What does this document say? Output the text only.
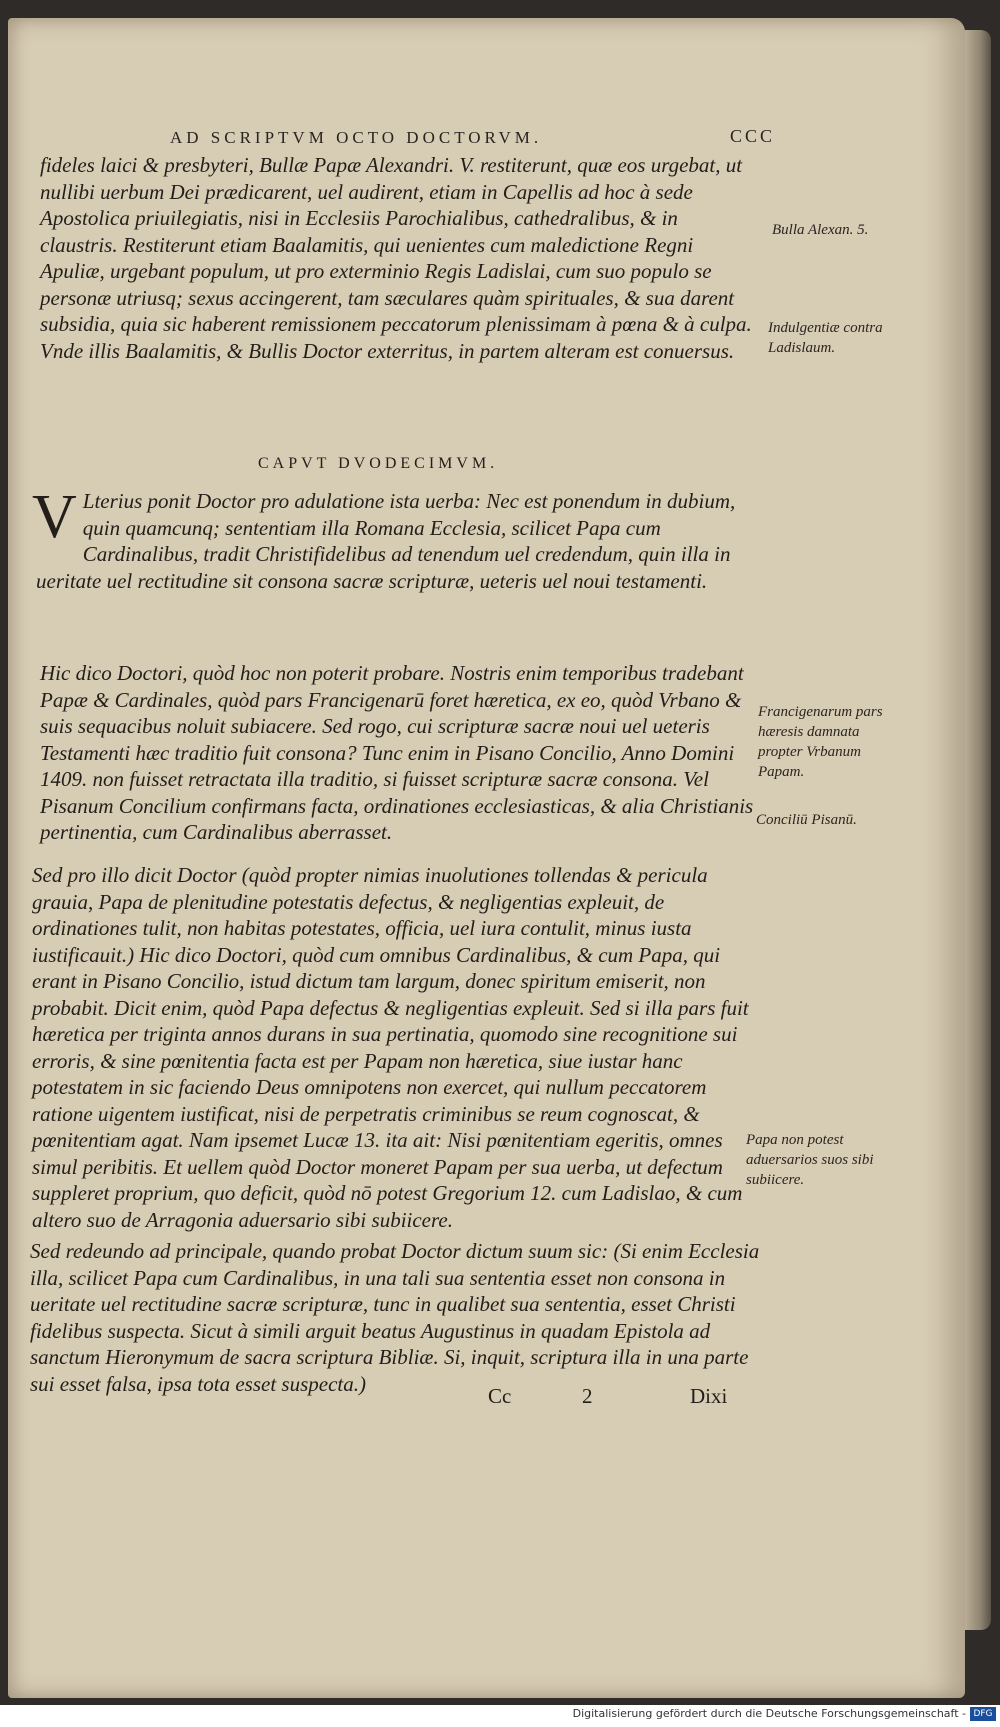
AD SCRIPTVM OCTO DOCTORVM.	CCC

fideles laici & presbyteri, Bullæ Papæ Alexandri. V. restiterunt, quæ eos urgebat, ut nullibi uerbum Dei prædicarent, uel audirent, etiam in Capellis ad hoc à sede Apostolica priuilegiatis, nisi in Ecclesiis Parochialibus, cathedralibus, & in claustris. Restiterunt etiam Baalamitis, qui uenientes cum maledictione Regni Apuliæ, urgebant populum, ut pro exterminio Regis Ladislai, cum suo populo se personæ utriusq; sexus accingerent, tam sæculares quàm spirituales, & sua darent subsidia, quia sic haberent remissionem peccatorum plenissimam à pœna & à culpa. Vnde illis Baalamitis, & Bullis Doctor exterritus, in partem alteram est conuersus.

CAPVT DVODECIMVM.
V Lterius ponit Doctor pro adulatione ista uerba: Nec est ponendum in dubium, quin quamcunq; sententiam illa Romana Ecclesia, scilicet Papa cum Cardinalibus, tradit Christifidelibus ad tenendum uel credendum, quin illa in ueritate uel rectitudine sit consona sacræ scripturæ, ueteris uel noui testamenti.

Hic dico Doctori, quòd hoc non poterit probare. Nostris enim temporibus tradebant Papæ & Cardinales, quòd pars Francigenarū foret hæretica, ex eo, quòd Vrbano & suis sequacibus noluit subiacere. Sed rogo, cui scripturæ sacræ noui uel ueteris Testamenti hæc traditio fuit consona? Tunc enim in Pisano Concilio, Anno Domini 1409. non fuisset retractata illa traditio, si fuisset scripturæ sacræ consona. Vel Pisanum Concilium confirmans facta, ordinationes ecclesiasticas, & alia Christianis pertinentia, cum Cardinalibus aberrasset.

Sed pro illo dicit Doctor (quòd propter nimias inuolutiones tollendas & pericula grauia, Papa de plenitudine potestatis defectus, & negligentias expleuit, de ordinationes tulit, non habitas potestates, officia, uel iura contulit, minus iusta iustificauit.) Hic dico Doctori, quòd cum omnibus Cardinalibus, & cum Papa, qui erant in Pisano Concilio, istud dictum tam largum, donec spiritum emiserit, non probabit. Dicit enim, quòd Papa defectus & negligentias expleuit. Sed si illa pars fuit hæretica per triginta annos durans in sua pertinatia, quomodo sine recognitione sui erroris, & sine pœnitentia facta est per Papam non hæretica, siue iustar hanc potestatem in sic faciendo Deus omnipotens non exercet, qui nullum peccatorem ratione uigentem iustificat, nisi de perpetratis criminibus se reum cognoscat, & pœnitentiam agat. Nam ipsemet Lucæ 13. ita ait: Nisi pœnitentiam egeritis, omnes simul peribitis. Et uellem quòd Doctor moneret Papam per sua uerba, ut defectum suppleret proprium, quo deficit, quòd nō potest Gregorium 12. cum Ladislao, & cum altero suo de Arragonia aduersario sibi subiicere.

Sed redeundo ad principale, quando probat Doctor dictum suum sic: (Si enim Ecclesia illa, scilicet Papa cum Cardinalibus, in una tali sua sententia esset non consona in ueritate uel rectitudine sacræ scripturæ, tunc in qualibet sua sententia, esset Christi fidelibus suspecta. Sicut à simili arguit beatus Augustinus in quadam Epistola ad sanctum Hieronymum de sacra scriptura Bibliæ. Si, inquit, scriptura illa in una parte sui esset falsa, ipsa tota esset suspecta.)

Bulla Alexan. 5.
Indulgentiæ contra Ladislaum.
Francigenarum pars hæresis damnata propter Vrbanum Papam.
Conciliū Pisanū.
Papa non potest aduersarios suos sibi subiicere.
Cc	2	Dixi
Digitalisierung gefördert durch die Deutsche Forschungsgemeinschaft - DFG
